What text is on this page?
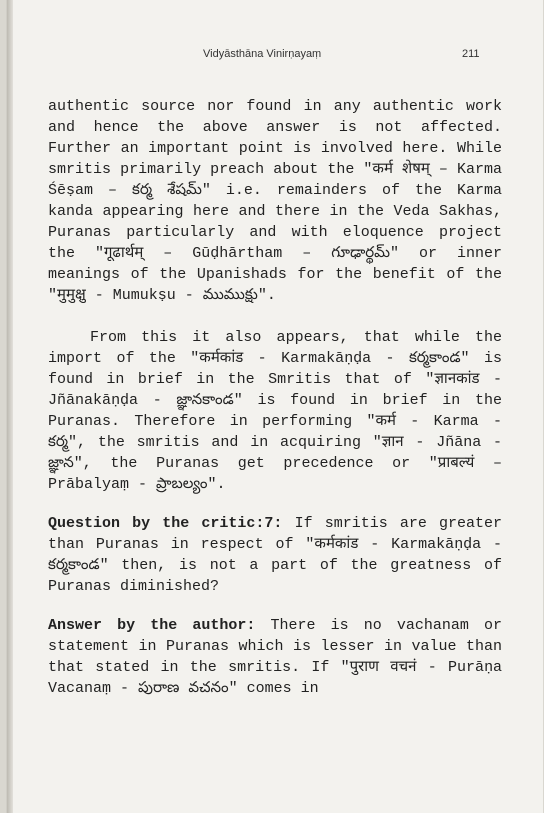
Vidyāsthāna Vinirṇayaṃ	211

authentic source nor found in any authentic work and hence the above answer is not affected. Further an important point is involved here. While smritis primarily preach about the "कर्म शेषम् – Karma Śēṣam – కర్మ శేషమ్" i.e. remainders of the Karma kanda appearing here and there in the Veda Sakhas, Puranas particularly and with eloquence project the "गूढार्थम् – Gūḍhārtham – గూఢార్థమ్" or inner meanings of the Upanishads for the benefit of the "मुमुक्षु - Mumukṣu - ముముక్షు".

From this it also appears, that while the import of the "कर्मकांड - Karmakāṇḍa - కర్మకాండ" is found in brief in the Smritis that of "ज्ञानकांड - Jñānakāṇḍa - జ్ఞానకాండ" is found in brief in the Puranas. Therefore in performing "कर्म - Karma - కర్మ", the smritis and in acquiring "ज्ञान - Jñāna - జ్ఞాన", the Puranas get precedence or "प्राबल्यं – Prābalyaṃ - ప్రాబల్యం".

Question by the critic:7: If smritis are greater than Puranas in respect of "कर्मकांड - Karmakāṇḍa - కర్మకాండ" then, is not a part of the greatness of Puranas diminished?

Answer by the author: There is no vachanam or statement in Puranas which is lesser in value than that stated in the smritis. If "पुराण वचनं - Purāṇa Vacanaṃ - పురాణ వచనం" comes in
